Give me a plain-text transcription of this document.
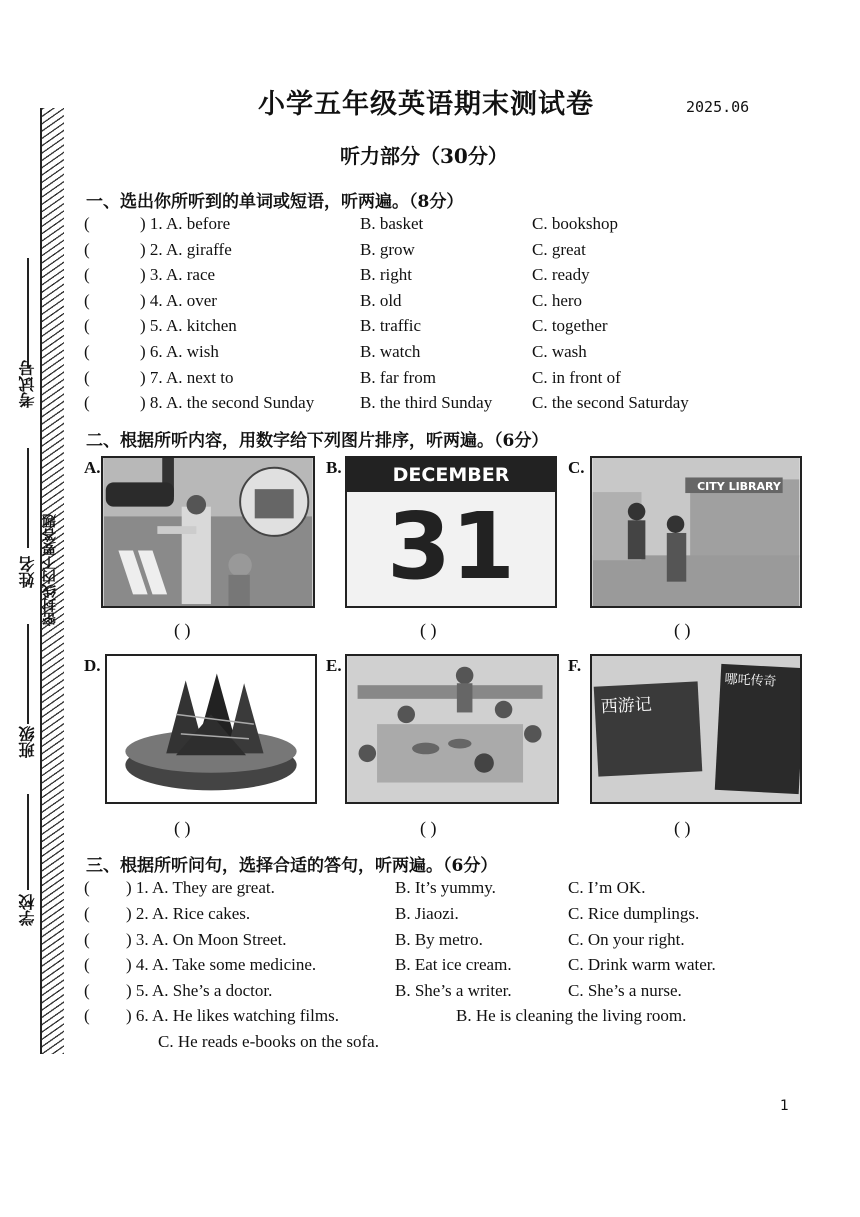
考试号
姓名 密封线内不要答题
班级
学校
小学五年级英语期末测试卷	2025.06
听力部分（30分）
一、选出你所听到的单词或短语，听两遍。（8分）
(	) 1. A. before	B. basket	C. bookshop
(	) 2. A. giraffe	B. grow	C. great
(	) 3. A. race	B. right	C. ready
(	) 4. A. over	B. old	C. hero
(	) 5. A. kitchen	B. traffic	C. together
(	) 6. A. wish	B. watch	C. wash
(	) 7. A. next to	B. far from	C. in front of
(	) 8. A. the second Sunday	B. the third Sunday C. the second Saturday
二、根据所听内容，用数字给下列图片排序，听两遍。（6分）
A.
( )
B.	DECEMBER
31
( )
C.
CITY LIBRARY
( )
D.
( )
E.
( )
F.
西游记
哪吒传奇
( )
三、根据所听问句，选择合适的答句，听两遍。（6分）
( ) 1. A. They are great.	B. It’s yummy.	C. I’m OK.
( ) 2. A. Rice cakes.	B. Jiaozi.	C. Rice dumplings.
( ) 3. A. On Moon Street.	B. By metro.	C. On your right.
( ) 4. A. Take some medicine.	B. Eat ice cream.	C. Drink warm water.
( ) 5. A. She’s a doctor.	B. She’s a writer.	C. She’s a nurse.
( ) 6. A. He likes watching films.	B. He is cleaning the living room.
C. He reads e-books on the sofa.
1
